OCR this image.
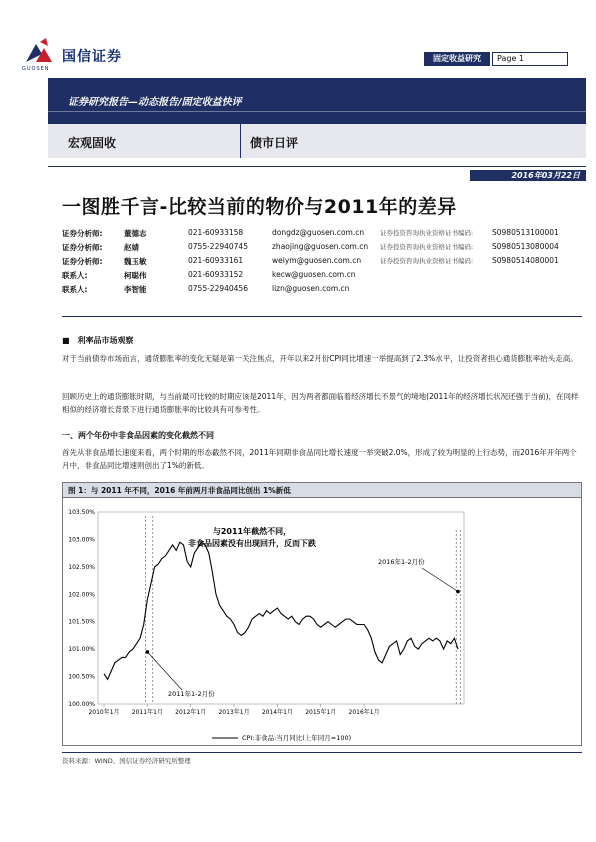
国信证券
GUOSEN
固定收益研究	Page 1
证券研究报告—动态报告/固定收益快评
宏观固收	债市日评
2016年03月22日
一图胜千言-比较当前的物价与2011年的差异
证券分析师:	董德志	021-60933158	dongdz@guosen.com.cn 证券投资咨询执业资格证书编码:	S0980513100001
证券分析师:	赵婧	0755-22940745	zhaojing@guosen.com.cn 证券投资咨询执业资格证书编码:	S0980513080004
证券分析师:	魏玉敏	021-60933161	weiym@guosen.com.cn	证券投资咨询执业资格证书编码:	S0980514080001
联系人:	柯聪伟	021-60933152	kecw@guosen.com.cn
联系人:	李智能	0755-22940456	lizn@guosen.com.cn
■　利率品市场观察
对于当前债券市场而言，通货膨胀率的变化无疑是第一关注焦点，开年以来2月份CPI同比增速一举提高到了2.3%水平，让投资者担心通货膨胀率抬头走高。
回顾历史上的通货膨胀时期，与当前最可比较的时期应该是2011年，因为两者都面临着经济增长不景气的境地(2011年的经济增长状况还强于当前)，在同样相似的经济增长背景下进行通货膨胀率的比较具有可参考性。
一、两个年份中非食品因素的变化截然不同
首先从非食品增长速度来看，两个时期的形态截然不同，2011年同期非食品同比增长速度一举突破2.0%，形成了较为明显的上行态势，而2016年开年两个月中，非食品同比增速则创出了1%的新低。
图 1：与 2011 年不同，2016 年前两月非食品同比创出 1%新低
100.00%
100.50%
101.00%
101.50%
102.00%
102.50%
103.00%
103.50%
2010年1月 2011年1月 2012年1月 2013年1月 2014年1月 2015年1月 2016年1月
与2011年截然不同，非食品因素没有出现回升，反而下跌
2011年1-2月份
2016年1-2月份
CPI:非食品:当月同比(上年同月=100)
资料来源：WIND、国信证券经济研究所整理
